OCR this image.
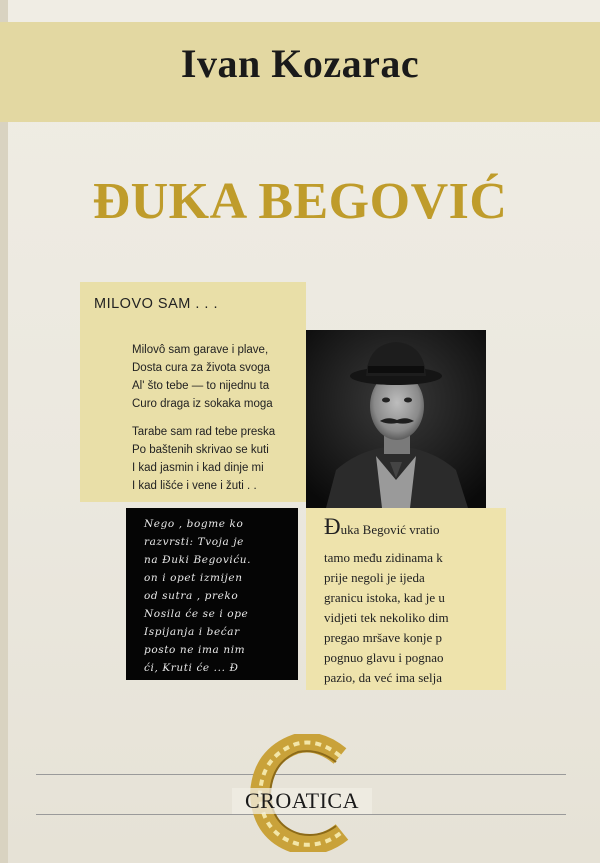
Ivan Kozarac
ĐUKA BEGOVIĆ
MILOVO SAM . . .
Milovô sam garave i plave,
Dosta cura za života svoga
Al' što tebe — to nijednu ta
Curo draga iz sokaka moga
Tarabe sam rad tebe preska
Po baštenih skrivao se kuti
I kad jasmin i kad dinje mi
I kad lišće i vene i žuti . .
Nego , bogme ko
razvrsti: Tvoja je
na Đuki Begoviću.
on i opet izmijen
od sutra , preko
Nosila će se i ope
Ispijanja i bećar
posto ne ima nim
ći, Kruti će ... Đ
Đuka Begović vratio
tamo među zidinama k
prije negoli je ijeda
granicu istoka, kad je u
vidjeti tek nekoliko dim
pregao mršave konje p
pognuo glavu i pognao
pazio, da već ima selja
CROATICA
